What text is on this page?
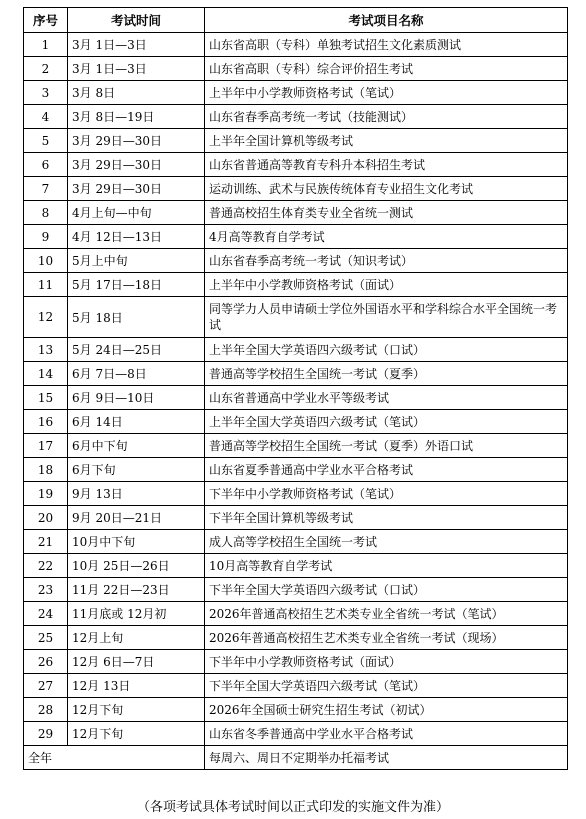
序号	考试时间	考试项目名称
1	3月 1日—3日	山东省高职（专科）单独考试招生文化素质测试
2	3月 1日—3日	山东省高职（专科）综合评价招生考试
3	3月 8日	上半年中小学教师资格考试（笔试）
4	3月 8日—19日	山东省春季高考统一考试（技能测试）
5	3月 29日—30日	上半年全国计算机等级考试
6	3月 29日—30日	山东省普通高等教育专科升本科招生考试
7	3月 29日—30日	运动训练、武术与民族传统体育专业招生文化考试
8	4月上旬—中旬	普通高校招生体育类专业全省统一测试
9	4月 12日—13日	4月高等教育自学考试
10	5月上中旬	山东省春季高考统一考试（知识考试）
11	5月 17日—18日	上半年中小学教师资格考试（面试）
12	5月 18日	同等学力人员申请硕士学位外国语水平和学科综合水平全国统一考试
13	5月 24日—25日	上半年全国大学英语四六级考试（口试）
14	6月 7日—8日	普通高等学校招生全国统一考试（夏季）
15	6月 9日—10日	山东省普通高中学业水平等级考试
16	6月 14日	上半年全国大学英语四六级考试（笔试）
17	6月中下旬	普通高等学校招生全国统一考试（夏季）外语口试
18	6月下旬	山东省夏季普通高中学业水平合格考试
19	9月 13日	下半年中小学教师资格考试（笔试）
20	9月 20日—21日	下半年全国计算机等级考试
21	10月中下旬	成人高等学校招生全国统一考试
22	10月 25日—26日	10月高等教育自学考试
23	11月 22日—23日	下半年全国大学英语四六级考试（口试）
24	11月底或 12月初	2026年普通高校招生艺术类专业全省统一考试（笔试）
25	12月上旬	2026年普通高校招生艺术类专业全省统一考试（现场）
26	12月 6日—7日	下半年中小学教师资格考试（面试）
27	12月 13日	下半年全国大学英语四六级考试（笔试）
28	12月下旬	2026年全国硕士研究生招生考试（初试）
29	12月下旬	山东省冬季普通高中学业水平合格考试
全年		每周六、周日不定期举办托福考试
（各项考试具体考试时间以正式印发的实施文件为准）
